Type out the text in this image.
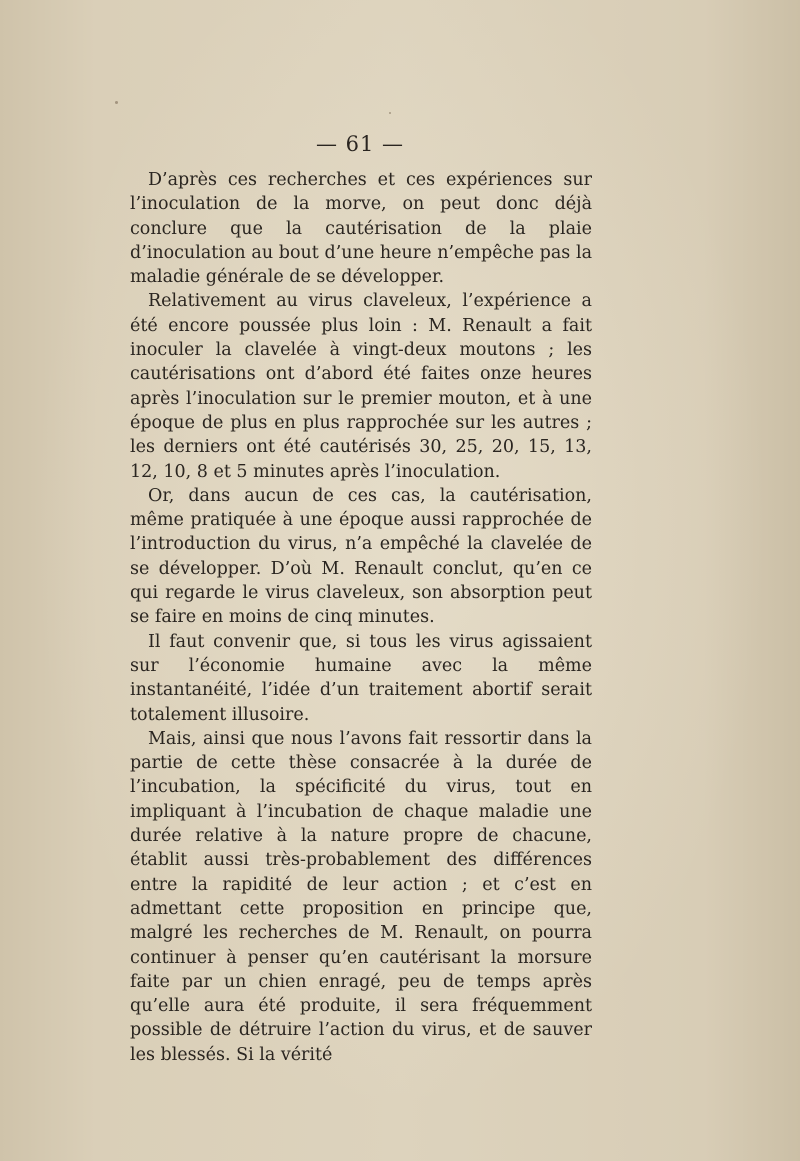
— 61 —

D’après ces recherches et ces expériences sur l’inoculation de la morve, on peut donc déjà conclure que la cautérisation de la plaie d’inoculation au bout d’une heure n’empêche pas la maladie générale de se développer.

Relativement au virus claveleux, l’expérience a été encore poussée plus loin : M. Renault a fait inoculer la clavelée à vingt-deux moutons ; les cautérisations ont d’abord été faites onze heures après l’inoculation sur le premier mouton, et à une époque de plus en plus rapprochée sur les autres ; les derniers ont été cautérisés 30, 25, 20, 15, 13, 12, 10, 8 et 5 minutes après l’inoculation.

Or, dans aucun de ces cas, la cautérisation, même pratiquée à une époque aussi rapprochée de l’introduction du virus, n’a empêché la clavelée de se développer. D’où M. Renault conclut, qu’en ce qui regarde le virus claveleux, son absorption peut se faire en moins de cinq minutes.

Il faut convenir que, si tous les virus agissaient sur l’économie humaine avec la même instantanéité, l’idée d’un traitement abortif serait totalement illusoire.

Mais, ainsi que nous l’avons fait ressortir dans la partie de cette thèse consacrée à la durée de l’incubation, la spécificité du virus, tout en impliquant à l’incubation de chaque maladie une durée relative à la nature propre de chacune, établit aussi très-probablement des différences entre la rapidité de leur action ; et c’est en admettant cette proposition en principe que, malgré les recherches de M. Renault, on pourra continuer à penser qu’en cautérisant la morsure faite par un chien enragé, peu de temps après qu’elle aura été produite, il sera fréquemment possible de détruire l’action du virus, et de sauver les blessés. Si la vérité
